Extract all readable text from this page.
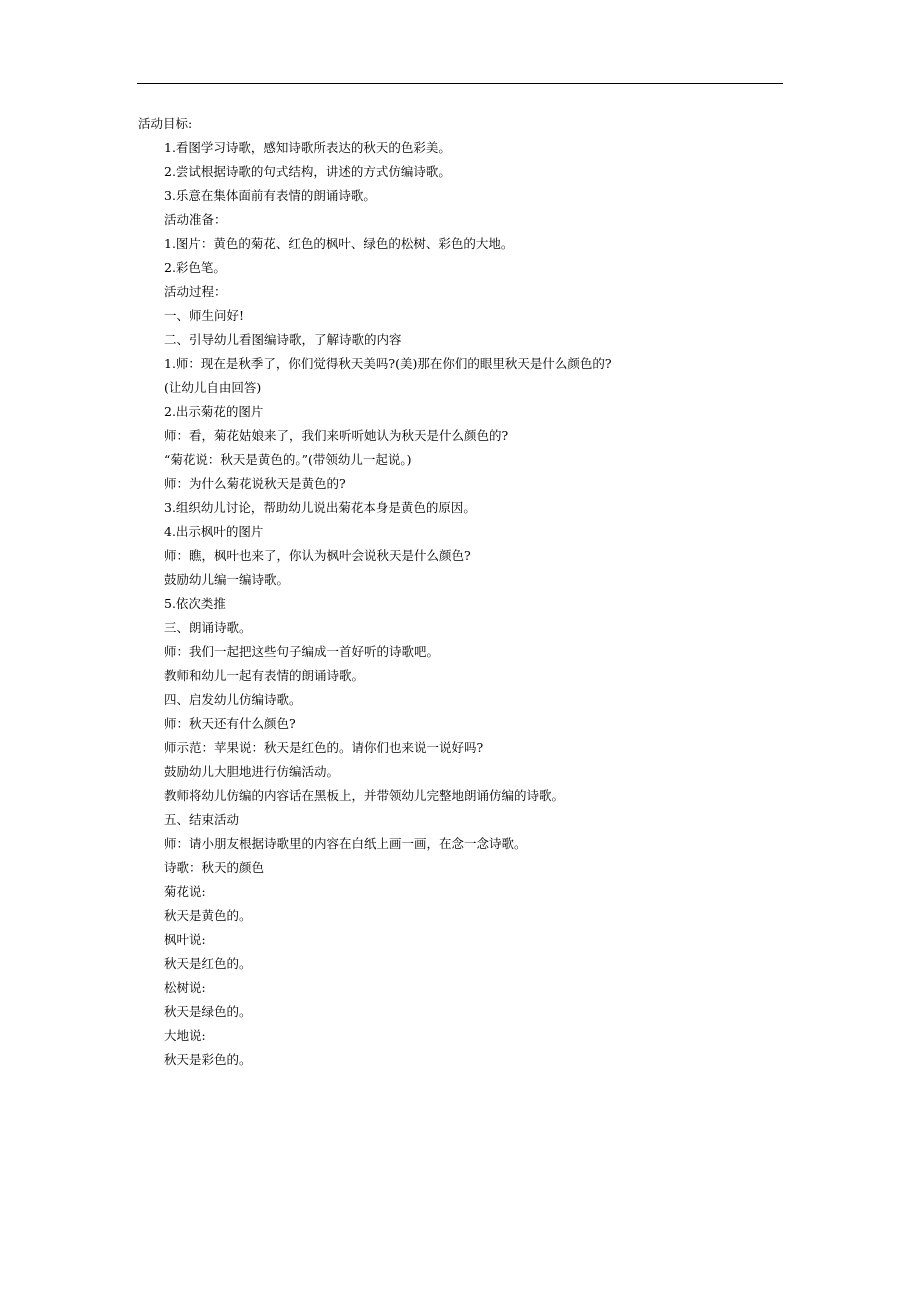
活动目标:
1.看图学习诗歌，感知诗歌所表达的秋天的色彩美。
2.尝试根据诗歌的句式结构，讲述的方式仿编诗歌。
3.乐意在集体面前有表情的朗诵诗歌。
活动准备：
1.图片：黄色的菊花、红色的枫叶、绿色的松树、彩色的大地。
2.彩色笔。
活动过程：
一、师生问好!
二、引导幼儿看图编诗歌，了解诗歌的内容
1.师：现在是秋季了，你们觉得秋天美吗?(美)那在你们的眼里秋天是什么颜色的?
(让幼儿自由回答)
2.出示菊花的图片
师：看，菊花姑娘来了，我们来听听她认为秋天是什么颜色的?
“菊花说：秋天是黄色的。”(带领幼儿一起说。)
师：为什么菊花说秋天是黄色的?
3.组织幼儿讨论，帮助幼儿说出菊花本身是黄色的原因。
4.出示枫叶的图片
师：瞧，枫叶也来了，你认为枫叶会说秋天是什么颜色?
鼓励幼儿编一编诗歌。
5.依次类推
三、朗诵诗歌。
师：我们一起把这些句子编成一首好听的诗歌吧。
教师和幼儿一起有表情的朗诵诗歌。
四、启发幼儿仿编诗歌。
师：秋天还有什么颜色?
师示范：苹果说：秋天是红色的。请你们也来说一说好吗?
鼓励幼儿大胆地进行仿编活动。
教师将幼儿仿编的内容话在黑板上，并带领幼儿完整地朗诵仿编的诗歌。
五、结束活动
师：请小朋友根据诗歌里的内容在白纸上画一画，在念一念诗歌。
诗歌：秋天的颜色
菊花说:
秋天是黄色的。
枫叶说:
秋天是红色的。
松树说:
秋天是绿色的。
大地说:
秋天是彩色的。
